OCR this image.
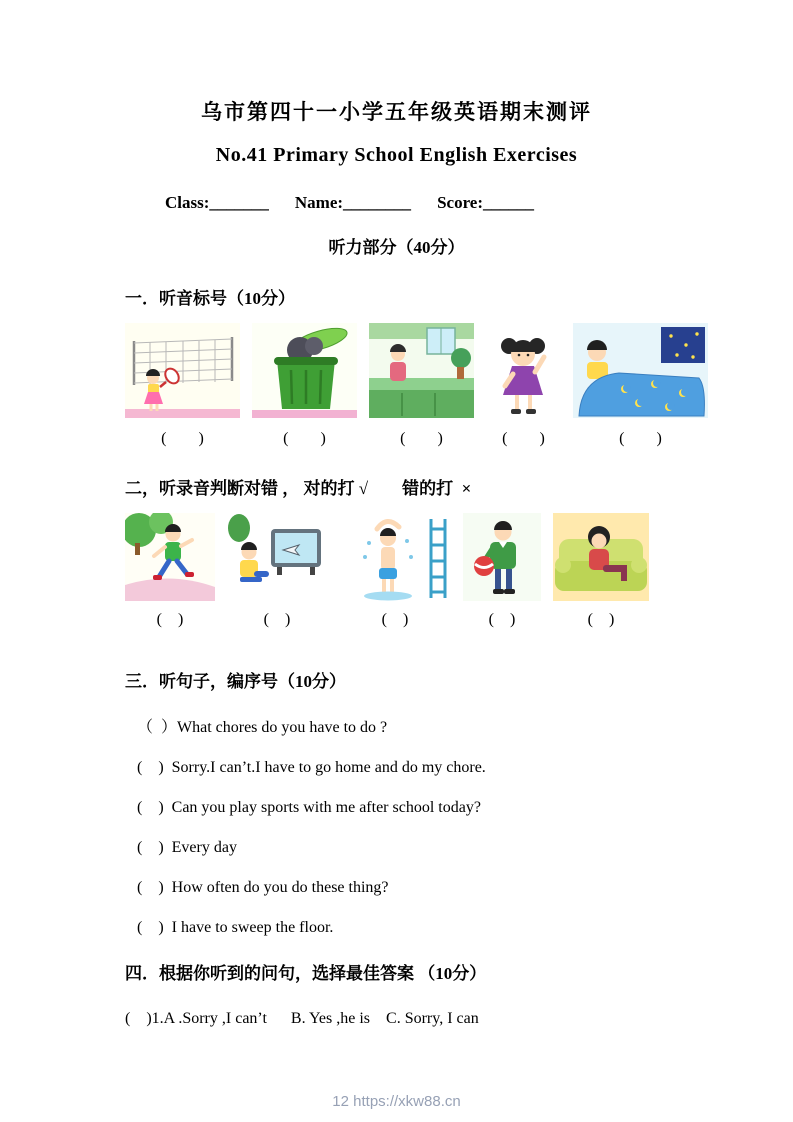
乌市第四十一小学五年级英语期末测评
No.41 Primary School English Exercises
Class:_______ Name:________ Score:______
听力部分（40分）
一．听音标号（10分）
(        )	(        )	(        )	(        )	(        )
二，听录音判断对错 ， 对的打 √　　错的打  ×
(    )	(    )	(    )	(    )	(    )
三．听句子，编序号（10分）
（  ）What chores do you have to do ?
(    )  Sorry.I can’t.I have to go home and do my chore.
(    )  Can you play sports with me after school today?
(    )  Every day
(    )  How often do you do these thing?
(    )  I have to sweep the floor.
四．根据你听到的问句，选择最佳答案 （10分）
(    )1.A .Sorry ,I can’t      B. Yes ,he is    C. Sorry, I can
12 https://xkw88.cn
